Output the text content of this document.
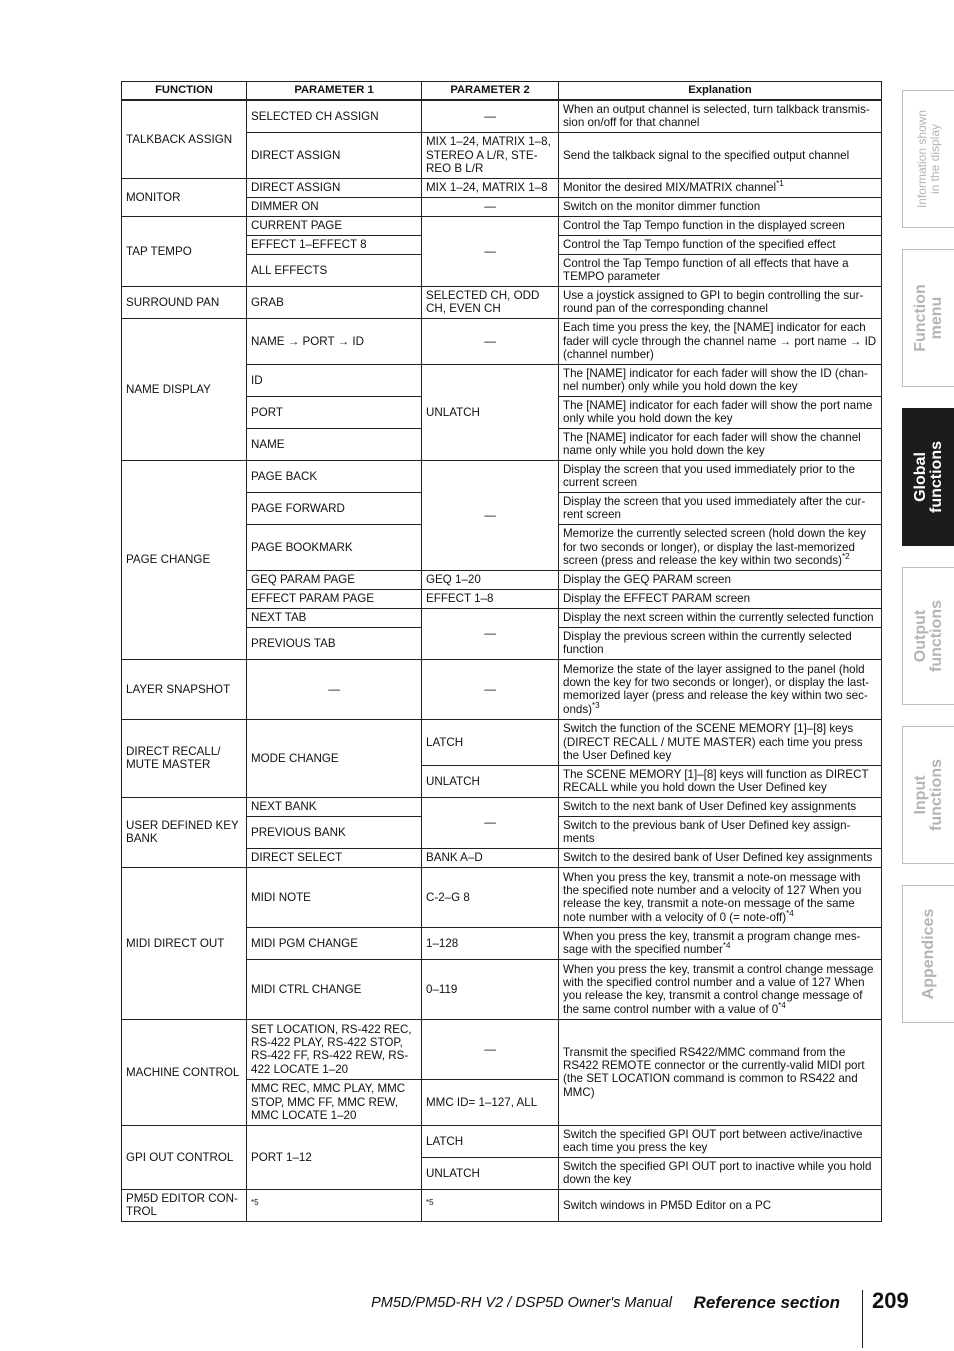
FUNCTION	PARAMETER 1	PARAMETER 2	Explanation
TALKBACK ASSIGN	SELECTED CH ASSIGN	—	When an output channel is selected, turn talkback transmis-sion on/off for that channel
	DIRECT ASSIGN	MIX 1–24, MATRIX 1–8, STEREO A L/R, STE-REO B L/R	Send the talkback signal to the specified output channel
MONITOR	DIRECT ASSIGN	MIX 1–24, MATRIX 1–8	Monitor the desired MIX/MATRIX channel$^{*1}$
	DIMMER ON	—	Switch on the monitor dimmer function
TAP TEMPO	CURRENT PAGE	—	Control the Tap Tempo function in the displayed screen
	EFFECT 1–EFFECT 8		Control the Tap Tempo function of the specified effect
	ALL EFFECTS		Control the Tap Tempo function of all effects that have a TEMPO parameter
SURROUND PAN	GRAB	SELECTED CH, ODD CH, EVEN CH	Use a joystick assigned to GPI to begin controlling the sur-round pan of the corresponding channel
NAME DISPLAY	NAME → PORT → ID	—	Each time you press the key, the [NAME] indicator for each fader will cycle through the channel name → port name → ID (channel number)
	ID	UNLATCH	The [NAME] indicator for each fader will show the ID (chan-nel number) only while you hold down the key
	PORT		The [NAME] indicator for each fader will show the port name only while you hold down the key
	NAME		The [NAME] indicator for each fader will show the channel name only while you hold down the key
PAGE CHANGE	PAGE BACK	—	Display the screen that you used immediately prior to the current screen
	PAGE FORWARD		Display the screen that you used immediately after the cur-rent screen
	PAGE BOOKMARK		Memorize the currently selected screen (hold down the key for two seconds or longer), or display the last-memorized screen (press and release the key within two seconds)$^{*2}$
	GEQ PARAM PAGE	GEQ 1–20	Display the GEQ PARAM screen
	EFFECT PARAM PAGE	EFFECT 1–8	Display the EFFECT PARAM screen
	NEXT TAB	—	Display the next screen within the currently selected function
	PREVIOUS TAB		Display the previous screen within the currently selected function
LAYER SNAPSHOT	—	—	Memorize the state of the layer assigned to the panel (hold down the key for two seconds or longer), or display the last-memorized layer (press and release the key within two sec-onds)$^{*3}$
DIRECT RECALL/ MUTE MASTER	MODE CHANGE	LATCH	Switch the function of the SCENE MEMORY [1]–[8] keys (DIRECT RECALL / MUTE MASTER) each time you press the User Defined key
		UNLATCH	The SCENE MEMORY [1]–[8] keys will function as DIRECT RECALL while you hold down the User Defined key
USER DEFINED KEY BANK	NEXT BANK	—	Switch to the next bank of User Defined key assignments
	PREVIOUS BANK		Switch to the previous bank of User Defined key assign-ments
	DIRECT SELECT	BANK A–D	Switch to the desired bank of User Defined key assignments
MIDI DIRECT OUT	MIDI NOTE	C-2–G 8	When you press the key, transmit a note-on message with the specified note number and a velocity of 127 When you release the key, transmit a note-on message of the same note number with a velocity of 0 (= note-off)$^{*4}$
	MIDI PGM CHANGE	1–128	When you press the key, transmit a program change mes-sage with the specified number$^{*4}$
	MIDI CTRL CHANGE	0–119	When you press the key, transmit a control change message with the specified control number and a value of 127 When you release the key, transmit a control change message of the same control number with a value of 0$^{*4}$
MACHINE CONTROL	SET LOCATION, RS-422 REC, RS-422 PLAY, RS-422 STOP, RS-422 FF, RS-422 REW, RS-422 LOCATE 1–20	—	Transmit the specified RS422/MMC command from the RS422 REMOTE connector or the currently-valid MIDI port (the SET LOCATION command is common to RS422 and MMC)
	MMC REC, MMC PLAY, MMC STOP, MMC FF, MMC REW, MMC LOCATE 1–20	MMC ID= 1–127, ALL	
GPI OUT CONTROL	PORT 1–12	LATCH	Switch the specified GPI OUT port between active/inactive each time you press the key
		UNLATCH	Switch the specified GPI OUT port to inactive while you hold down the key
PM5D EDITOR CON-TROL	*5	*5	Switch windows in PM5D Editor on a PC
Information shown
in the display
Function
menu
Global
functions
Output
functions
Input
functions
Appendices
PM5D/PM5D-RH V2 / DSP5D Owner's Manual Reference section 209
